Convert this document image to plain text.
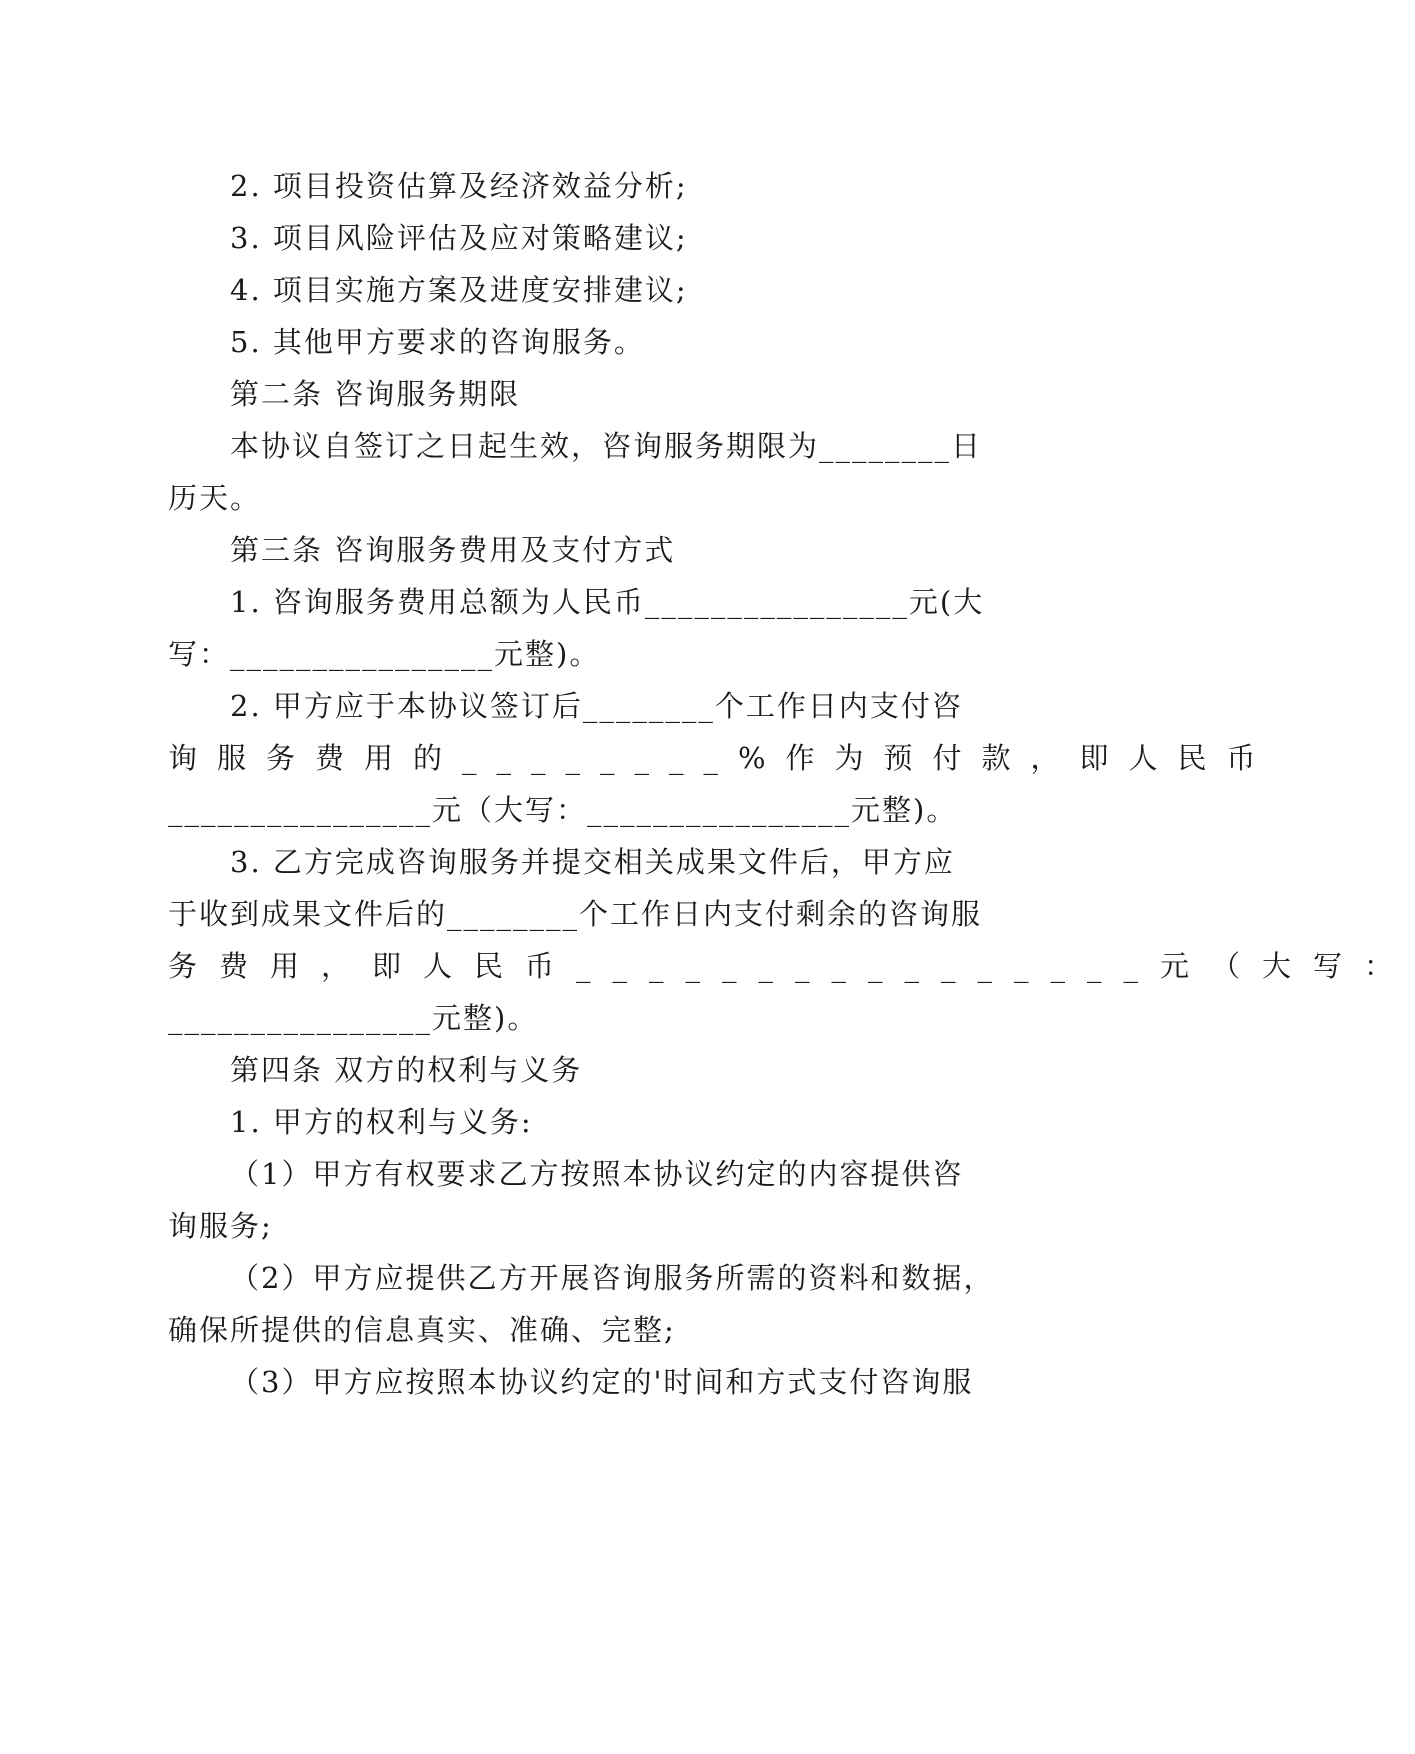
2. 项目投资估算及经济效益分析;
3. 项目风险评估及应对策略建议;
4. 项目实施方案及进度安排建议;
5. 其他甲方要求的咨询服务。
第二条 咨询服务期限
本协议自签订之日起生效，咨询服务期限为________日
历天。
第三条 咨询服务费用及支付方式
1. 咨询服务费用总额为人民币________________元(大
写：________________元整)。
2. 甲方应于本协议签订后________个工作日内支付咨
询服务费用的________%作为预付款，即人民币
________________元（大写：________________元整)。
3. 乙方完成咨询服务并提交相关成果文件后，甲方应
于收到成果文件后的________个工作日内支付剩余的咨询服
务费用，即人民币________________元（大写：
________________元整)。
第四条 双方的权利与义务
1. 甲方的权利与义务:
（1）甲方有权要求乙方按照本协议约定的内容提供咨
询服务;
（2）甲方应提供乙方开展咨询服务所需的资料和数据，
确保所提供的信息真实、准确、完整;
（3）甲方应按照本协议约定的'时间和方式支付咨询服
